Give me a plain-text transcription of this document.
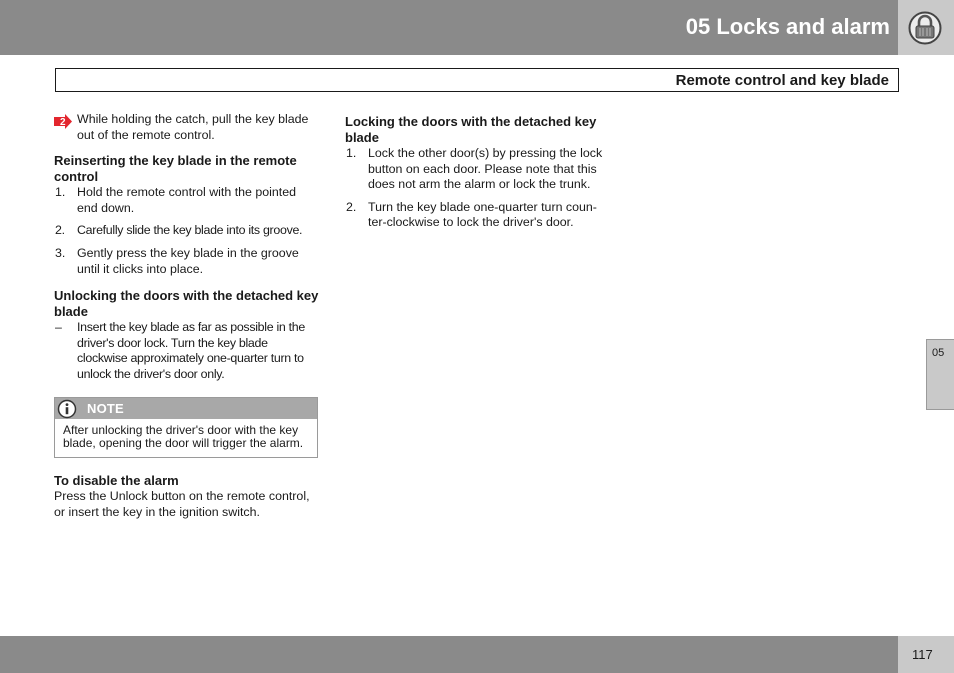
05 Locks and alarm
Remote control and key blade
2 While holding the catch, pull the key blade out of the remote control.
Reinserting the key blade in the remote control
1. Hold the remote control with the pointed end down.
2. Carefully slide the key blade into its groove.
3. Gently press the key blade in the groove until it clicks into place.
Unlocking the doors with the detached key blade
– Insert the key blade as far as possible in the driver's door lock. Turn the key blade clockwise approximately one-quarter turn to unlock the driver's door only.
NOTE
After unlocking the driver's door with the key blade, opening the door will trigger the alarm.
To disable the alarm
Press the Unlock button on the remote control, or insert the key in the ignition switch.
Locking the doors with the detached key blade
1. Lock the other door(s) by pressing the lock button on each door. Please note that this does not arm the alarm or lock the trunk.
2. Turn the key blade one-quarter turn coun-ter-clockwise to lock the driver's door.
05
117
